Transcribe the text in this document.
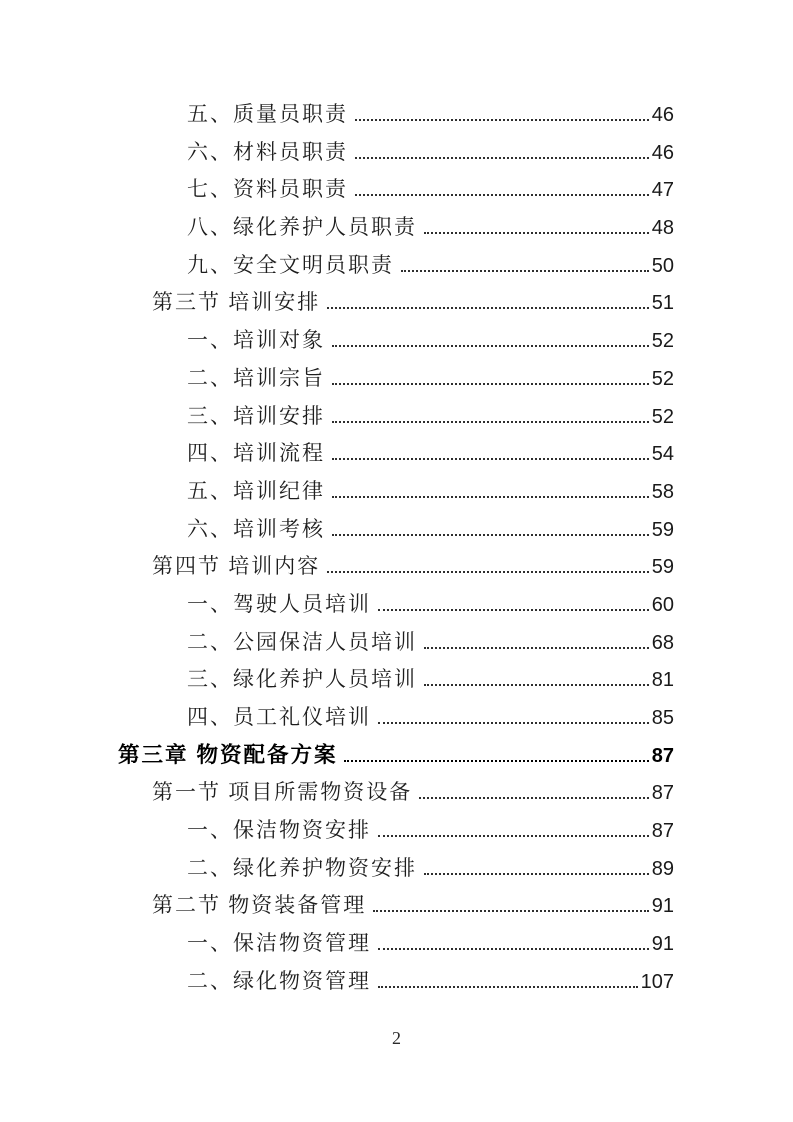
五、质量员职责	46
六、材料员职责	46
七、资料员职责	47
八、绿化养护人员职责	48
九、安全文明员职责	50
第三节 培训安排	51
一、培训对象	52
二、培训宗旨	52
三、培训安排	52
四、培训流程	54
五、培训纪律	58
六、培训考核	59
第四节 培训内容	59
一、驾驶人员培训	60
二、公园保洁人员培训	68
三、绿化养护人员培训	81
四、员工礼仪培训	85
第三章 物资配备方案	87
第一节 项目所需物资设备	87
一、保洁物资安排	87
二、绿化养护物资安排	89
第二节 物资装备管理	91
一、保洁物资管理	91
二、绿化物资管理	107
2
